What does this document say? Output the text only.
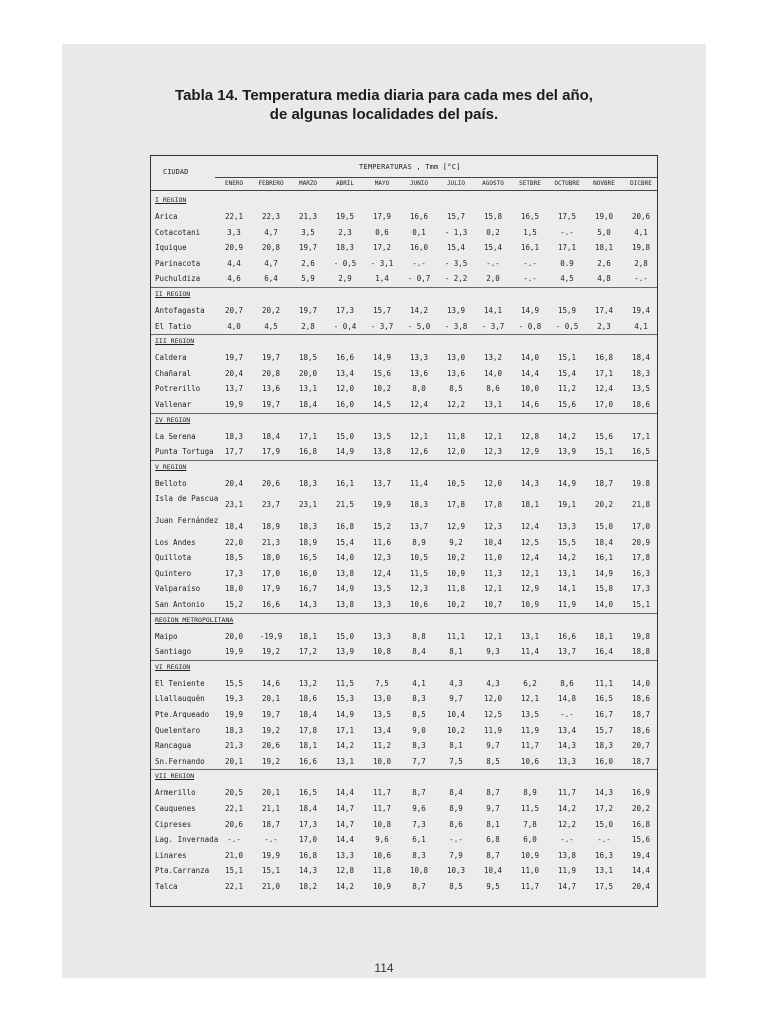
Tabla 14. Temperatura media diaria para cada mes del año,
de algunas localidades del país.
CIUDAD
TEMPERATURAS , Tmm [°C]
ENERO	FEBRERO	MARZO	ABRIL	MAYO	JUNIO	JULIO	AGOSTO	SETBRE	OCTUBRE	NOVBRE	DICBRE
I REGION
Arica	22,1	22,3	21,3	19,5	17,9	16,6	15,7	15,8	16,5	17,5	19,0	20,6
Cotacotani	3,3	4,7	3,5	2,3	0,6	0,1	- 1,3	0,2	1,5	-.-	5,0	4,1
Iquique	20,9	20,8	19,7	18,3	17,2	16,0	15,4	15,4	16,1	17,1	18,1	19,8
Parinacota	4,4	4,7	2,6	- 0,5	- 3,1	-.-	- 3,5	-.-	-.-	0.9	2,6	2,8
Puchuldiza	4,6	6,4	5,9	2,9	1,4	- 0,7	- 2,2	2,0	-.-	4,5	4,8	-.-
II REGION
Antofagasta	20,7	20,2	19,7	17,3	15,7	14,2	13,9	14,1	14,9	15,9	17,4	19,4
El Tatio	4,0	4,5	2,8	- 0,4	- 3,7	- 5,0	- 3,8	- 3,7	- 0,8	- 0,5	2,3	4,1
III REGION
Caldera	19,7	19,7	18,5	16,6	14,9	13,3	13,0	13,2	14,0	15,1	16,8	18,4
Chañaral	20,4	20,8	20,0	13,4	15,6	13,6	13,6	14,0	14,4	15,4	17,1	18,3
Potrerillo	13,7	13,6	13,1	12,0	10,2	8,0	8,5	8,6	10,0	11,2	12,4	13,5
Vallenar	19,9	19,7	18,4	16,0	14,5	12,4	12,2	13,1	14,6	15,6	17,0	18,6
IV REGION
La Serena	18,3	18,4	17,1	15,0	13,5	12,1	11,8	12,1	12,8	14,2	15,6	17,1
Punta Tortuga	17,7	17,9	16,8	14,9	13,8	12,6	12,0	12,3	12,9	13,9	15,1	16,5
V REGION
Belloto	20,4	20,6	18,3	16,1	13,7	11,4	10,5	12,0	14,3	14,9	18,7	19.8
Isla de Pascua
23,1	23,7	23,1	21,5	19,9	18,3	17,8	17,8	18,1	19,1	20,2	21,8
Juan Fernández
18,4	18,9	18,3	16,8	15,2	13,7	12,9	12,3	12,4	13,3	15,0	17,0
Los Andes	22,0	21,3	18,9	15,4	11,6	8,9	9,2	10,4	12,5	15,5	18,4	20,9
Quillota	18,5	18,0	16,5	14,0	12,3	10,5	10,2	11,0	12,4	14,2	16,1	17,8
Quintero	17,3	17,0	16,0	13,8	12,4	11,5	10,9	11,3	12,1	13,1	14,9	16,3
Valparaíso	18,0	17,9	16,7	14,9	13,5	12,3	11,8	12,1	12,9	14,1	15,8	17,3
San Antonio	15,2	16,6	14,3	13,8	13,3	10,6	10,2	10,7	10,9	11,9	14,0	15,1
REGION METROPOLITANA
Maipo	20,0	-19,9	18,1	15,0	13,3	8,8	11,1	12,1	13,1	16,6	18,1	19,8
Santiago	19,9	19,2	17,2	13,9	10,8	8,4	8,1	9,3	11,4	13,7	16,4	18,8
VI REGION
El Teniente	15,5	14,6	13,2	11,5	7,5	4,1	4,3	4,3	6,2	8,6	11,1	14,0
Llallauquén	19,3	20,1	18,6	15,3	13,0	8,3	9,7	12,0	12,1	14,8	16,5	18,6
Pte.Arqueado	19,9	19,7	18,4	14,9	13,5	8,5	10,4	12,5	13,5	-.-	16,7	18,7
Quelentaro	18,3	19,2	17,8	17,1	13,4	9,0	10,2	11,9	11,9	13,4	15,7	18,6
Rancagua	21,3	20,6	18,1	14,2	11,2	8,3	8,1	9,7	11,7	14,3	18,3	20,7
Sn.Fernando	20,1	19,2	16,6	13,1	10,0	7,7	7,5	8,5	10,6	13,3	16,0	18,7
VII REGION
Armerillo	20,5	20,1	16,5	14,4	11,7	8,7	8,4	8,7	8,9	11,7	14,3	16,9
Cauquenes	22,1	21,1	18,4	14,7	11,7	9,6	8,9	9,7	11,5	14,2	17,2	20,2
Cipreses	20,6	18,7	17,3	14,7	10,8	7,3	8,6	8,1	7,8	12,2	15,0	16,8
Lag. Invernada	-.-	-.-	17,0	14,4	9,6	6,1	-.-	6,8	6,0	-.-	-.-	15,6
Linares	21,0	19,9	16,8	13,3	10,6	8,3	7,9	8,7	10,9	13,8	16,3	19,4
Pta.Carranza	15,1	15,1	14,3	12,8	11,8	10,8	10,3	10,4	11,0	11,9	13,1	14,4
Talca	22,1	21,0	18,2	14,2	10,9	8,7	8,5	9,5	11,7	14,7	17,5	20,4
114
